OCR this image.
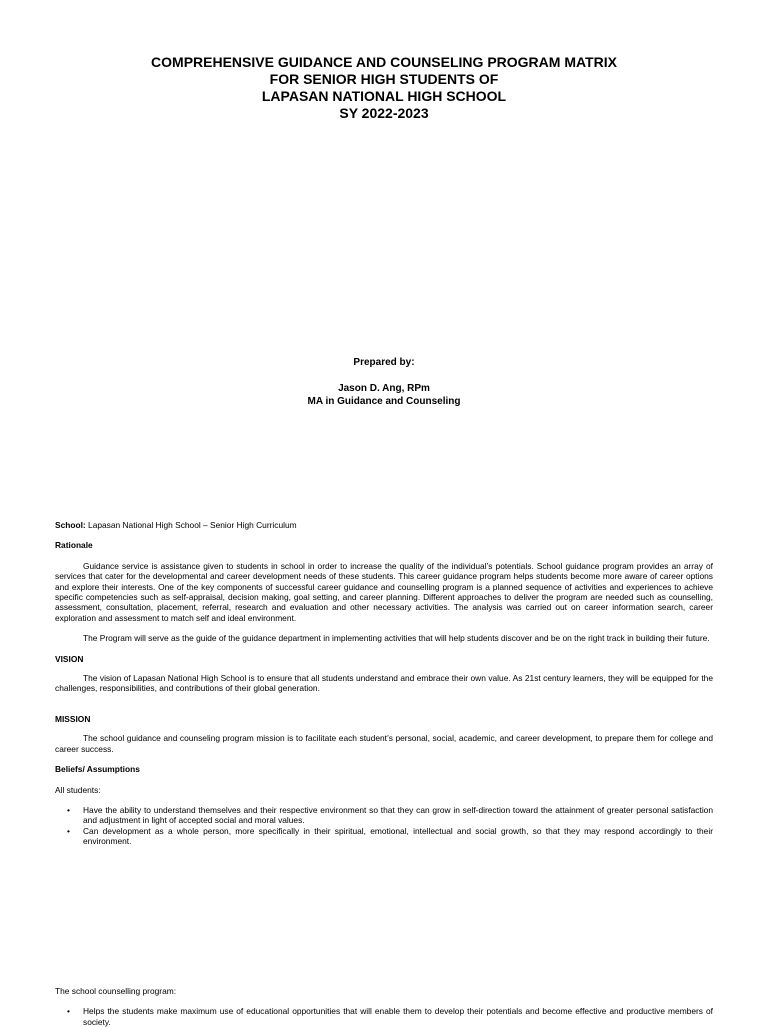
COMPREHENSIVE GUIDANCE AND COUNSELING PROGRAM MATRIX
FOR SENIOR HIGH STUDENTS OF
LAPASAN NATIONAL HIGH SCHOOL
SY 2022-2023
Prepared by:
Jason D. Ang, RPm
MA in Guidance and Counseling

School: Lapasan National High School – Senior High Curriculum

Rationale

Guidance service is assistance given to students in school in order to increase the quality of the individual’s potentials. School guidance program provides an array of services that cater for the developmental and career development needs of these students. This career guidance program helps students become more aware of career options and explore their interests. One of the key components of successful career guidance and counselling program is a planned sequence of activities and experiences to achieve specific competencies such as self-appraisal, decision making, goal setting, and career planning. Different approaches to deliver the program are needed such as counselling, assessment, consultation, placement, referral, research and evaluation and other necessary activities. The analysis was carried out on career information search, career exploration and assessment to match self and ideal environment.

The Program will serve as the guide of the guidance department in implementing activities that will help students discover and be on the right track in building their future.

VISION

The vision of Lapasan National High School is to ensure that all students understand and embrace their own value. As 21st century learners, they will be equipped for the challenges, responsibilities, and contributions of their global generation.

MISSION

The school guidance and counseling program mission is to facilitate each student’s personal, social, academic, and career development, to prepare them for college and career success.

Beliefs/ Assumptions

All students:

• Have the ability to understand themselves and their respective environment so that they can grow in self-direction toward the attainment of greater personal satisfaction and adjustment in light of accepted social and moral values.
• Can development as a whole person, more specifically in their spiritual, emotional, intellectual and social growth, so that they may respond accordingly to their environment.

The school counselling program:

• Helps the students make maximum use of educational opportunities that will enable them to develop their potentials and become effective and productive members of society.
